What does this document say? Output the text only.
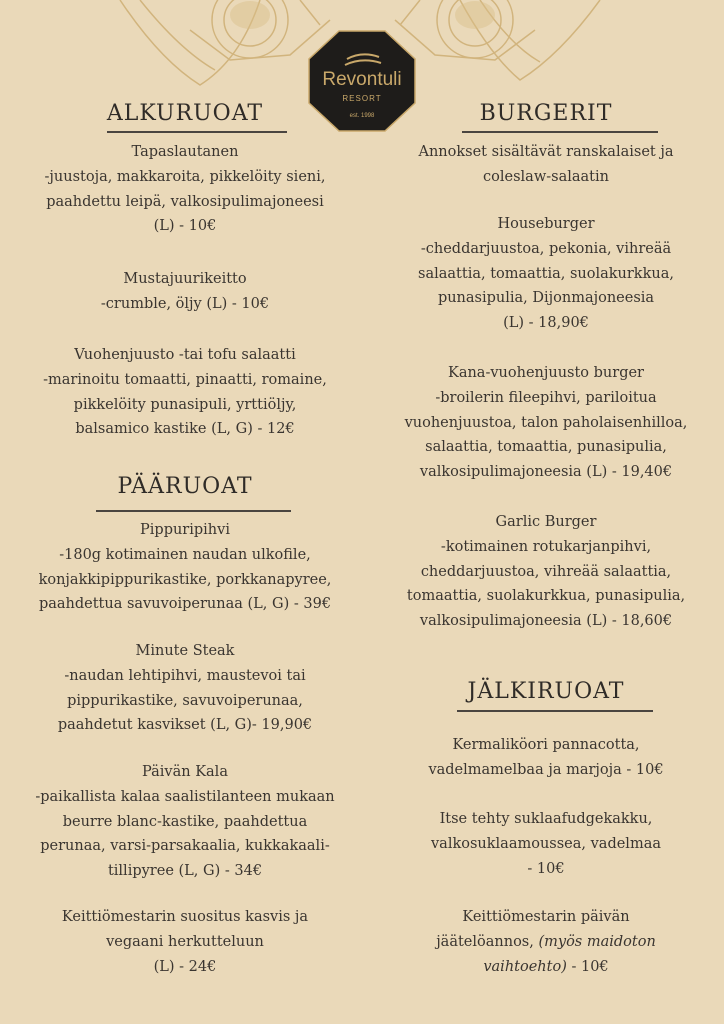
Revontuli
RESORT
est. 1998
ALKURUOAT
Tapaslautanen
-juustoja, makkaroita, pikkelöity sieni,
paahdettu leipä, valkosipulimajoneesi
(L) - 10€
Mustajuurikeitto
-crumble, öljy (L) - 10€
Vuohenjuusto -tai tofu salaatti
-marinoitu tomaatti, pinaatti, romaine,
pikkelöity punasipuli, yrttiöljy,
balsamico kastike (L, G) - 12€
PÄÄRUOAT
Pippuripihvi
-180g kotimainen naudan ulkofile,
konjakkipippurikastike, porkkanapyree,
paahdettua savuvoiperunaa (L, G) - 39€
Minute Steak
-naudan lehtipihvi, maustevoi tai
pippurikastike, savuvoiperunaa,
paahdetut kasvikset (L, G)- 19,90€
Päivän Kala
-paikallista kalaa saalistilanteen mukaan
beurre blanc-kastike, paahdettua
perunaa, varsi-parsakaalia, kukkakaali-
tillipyree (L, G) - 34€
Keittiömestarin suositus kasvis ja
vegaani herkutteluun
(L) - 24€
BURGERIT
Annokset sisältävät ranskalaiset ja
coleslaw-salaatin
Houseburger
-cheddarjuustoa, pekonia, vihreää
salaattia, tomaattia, suolakurkkua,
punasipulia, Dijonmajoneesia
(L) - 18,90€
Kana-vuohenjuusto burger
-broilerin fileepihvi, pariloitua
vuohenjuustoa, talon paholaisenhilloa,
salaattia, tomaattia, punasipulia,
valkosipulimajoneesia (L) - 19,40€
Garlic Burger
-kotimainen rotukarjanpihvi,
cheddarjuustoa, vihreää salaattia,
tomaattia, suolakurkkua, punasipulia,
valkosipulimajoneesia (L) - 18,60€
JÄLKIRUOAT
Kermaliköori pannacotta,
vadelmamelbaa ja marjoja - 10€
Itse tehty suklaafudgekakku,
valkosuklaamoussea, vadelmaa
- 10€
Keittiömestarin päivän
jäätelöannos, (myös maidoton
vaihtoehto) - 10€
